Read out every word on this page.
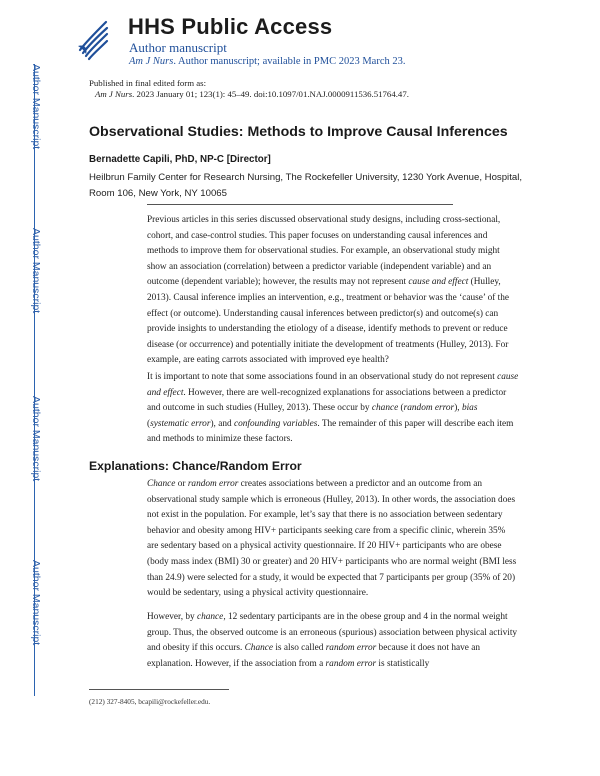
HHS Public Access
Author manuscript
Am J Nurs. Author manuscript; available in PMC 2023 March 23.
Author Manuscript
Author Manuscript
Author Manuscript
Author Manuscript
Published in final edited form as:
Am J Nurs. 2023 January 01; 123(1): 45–49. doi:10.1097/01.NAJ.0000911536.51764.47.
Observational Studies: Methods to Improve Causal Inferences
Bernadette Capili, PhD, NP-C [Director]
Heilbrun Family Center for Research Nursing, The Rockefeller University, 1230 York Avenue, Hospital, Room 106, New York, NY 10065

Previous articles in this series discussed observational study designs, including cross-sectional, cohort, and case-control studies. This paper focuses on understanding causal inferences and methods to improve them for observational studies. For example, an observational study might show an association (correlation) between a predictor variable (independent variable) and an outcome (dependent variable); however, the results may not represent cause and effect (Hulley, 2013). Causal inference implies an intervention, e.g., treatment or behavior was the ‘cause’ of the effect (or outcome). Understanding causal inferences between predictor(s) and outcome(s) can provide insights to understanding the etiology of a disease, identify methods to prevent or reduce disease (or occurrence) and potentially initiate the development of treatments (Hulley, 2013). For example, are eating carrots associated with improved eye health?

It is important to note that some associations found in an observational study do not represent cause and effect. However, there are well-recognized explanations for associations between a predictor and outcome in such studies (Hulley, 2013). These occur by chance (random error), bias (systematic error), and confounding variables. The remainder of this paper will describe each item and methods to minimize these factors.

Explanations: Chance/Random Error

Chance or random error creates associations between a predictor and an outcome from an observational study sample which is erroneous (Hulley, 2013). In other words, the association does not exist in the population. For example, let’s say that there is no association between sedentary behavior and obesity among HIV+ participants seeking care from a specific clinic, wherein 35% are sedentary based on a physical activity questionnaire. If 20 HIV+ participants who are obese (body mass index (BMI) 30 or greater) and 20 HIV+ participants who are normal weight (BMI less than 24.9) were selected for a study, it would be expected that 7 participants per group (35% of 20) would be sedentary, using a physical activity questionnaire.

However, by chance, 12 sedentary participants are in the obese group and 4 in the normal weight group. Thus, the observed outcome is an erroneous (spurious) association between physical activity and obesity if this occurs. Chance is also called random error because it does not have an explanation. However, if the association from a random error is statistically

(212) 327-8405, bcapili@rockefeller.edu.
